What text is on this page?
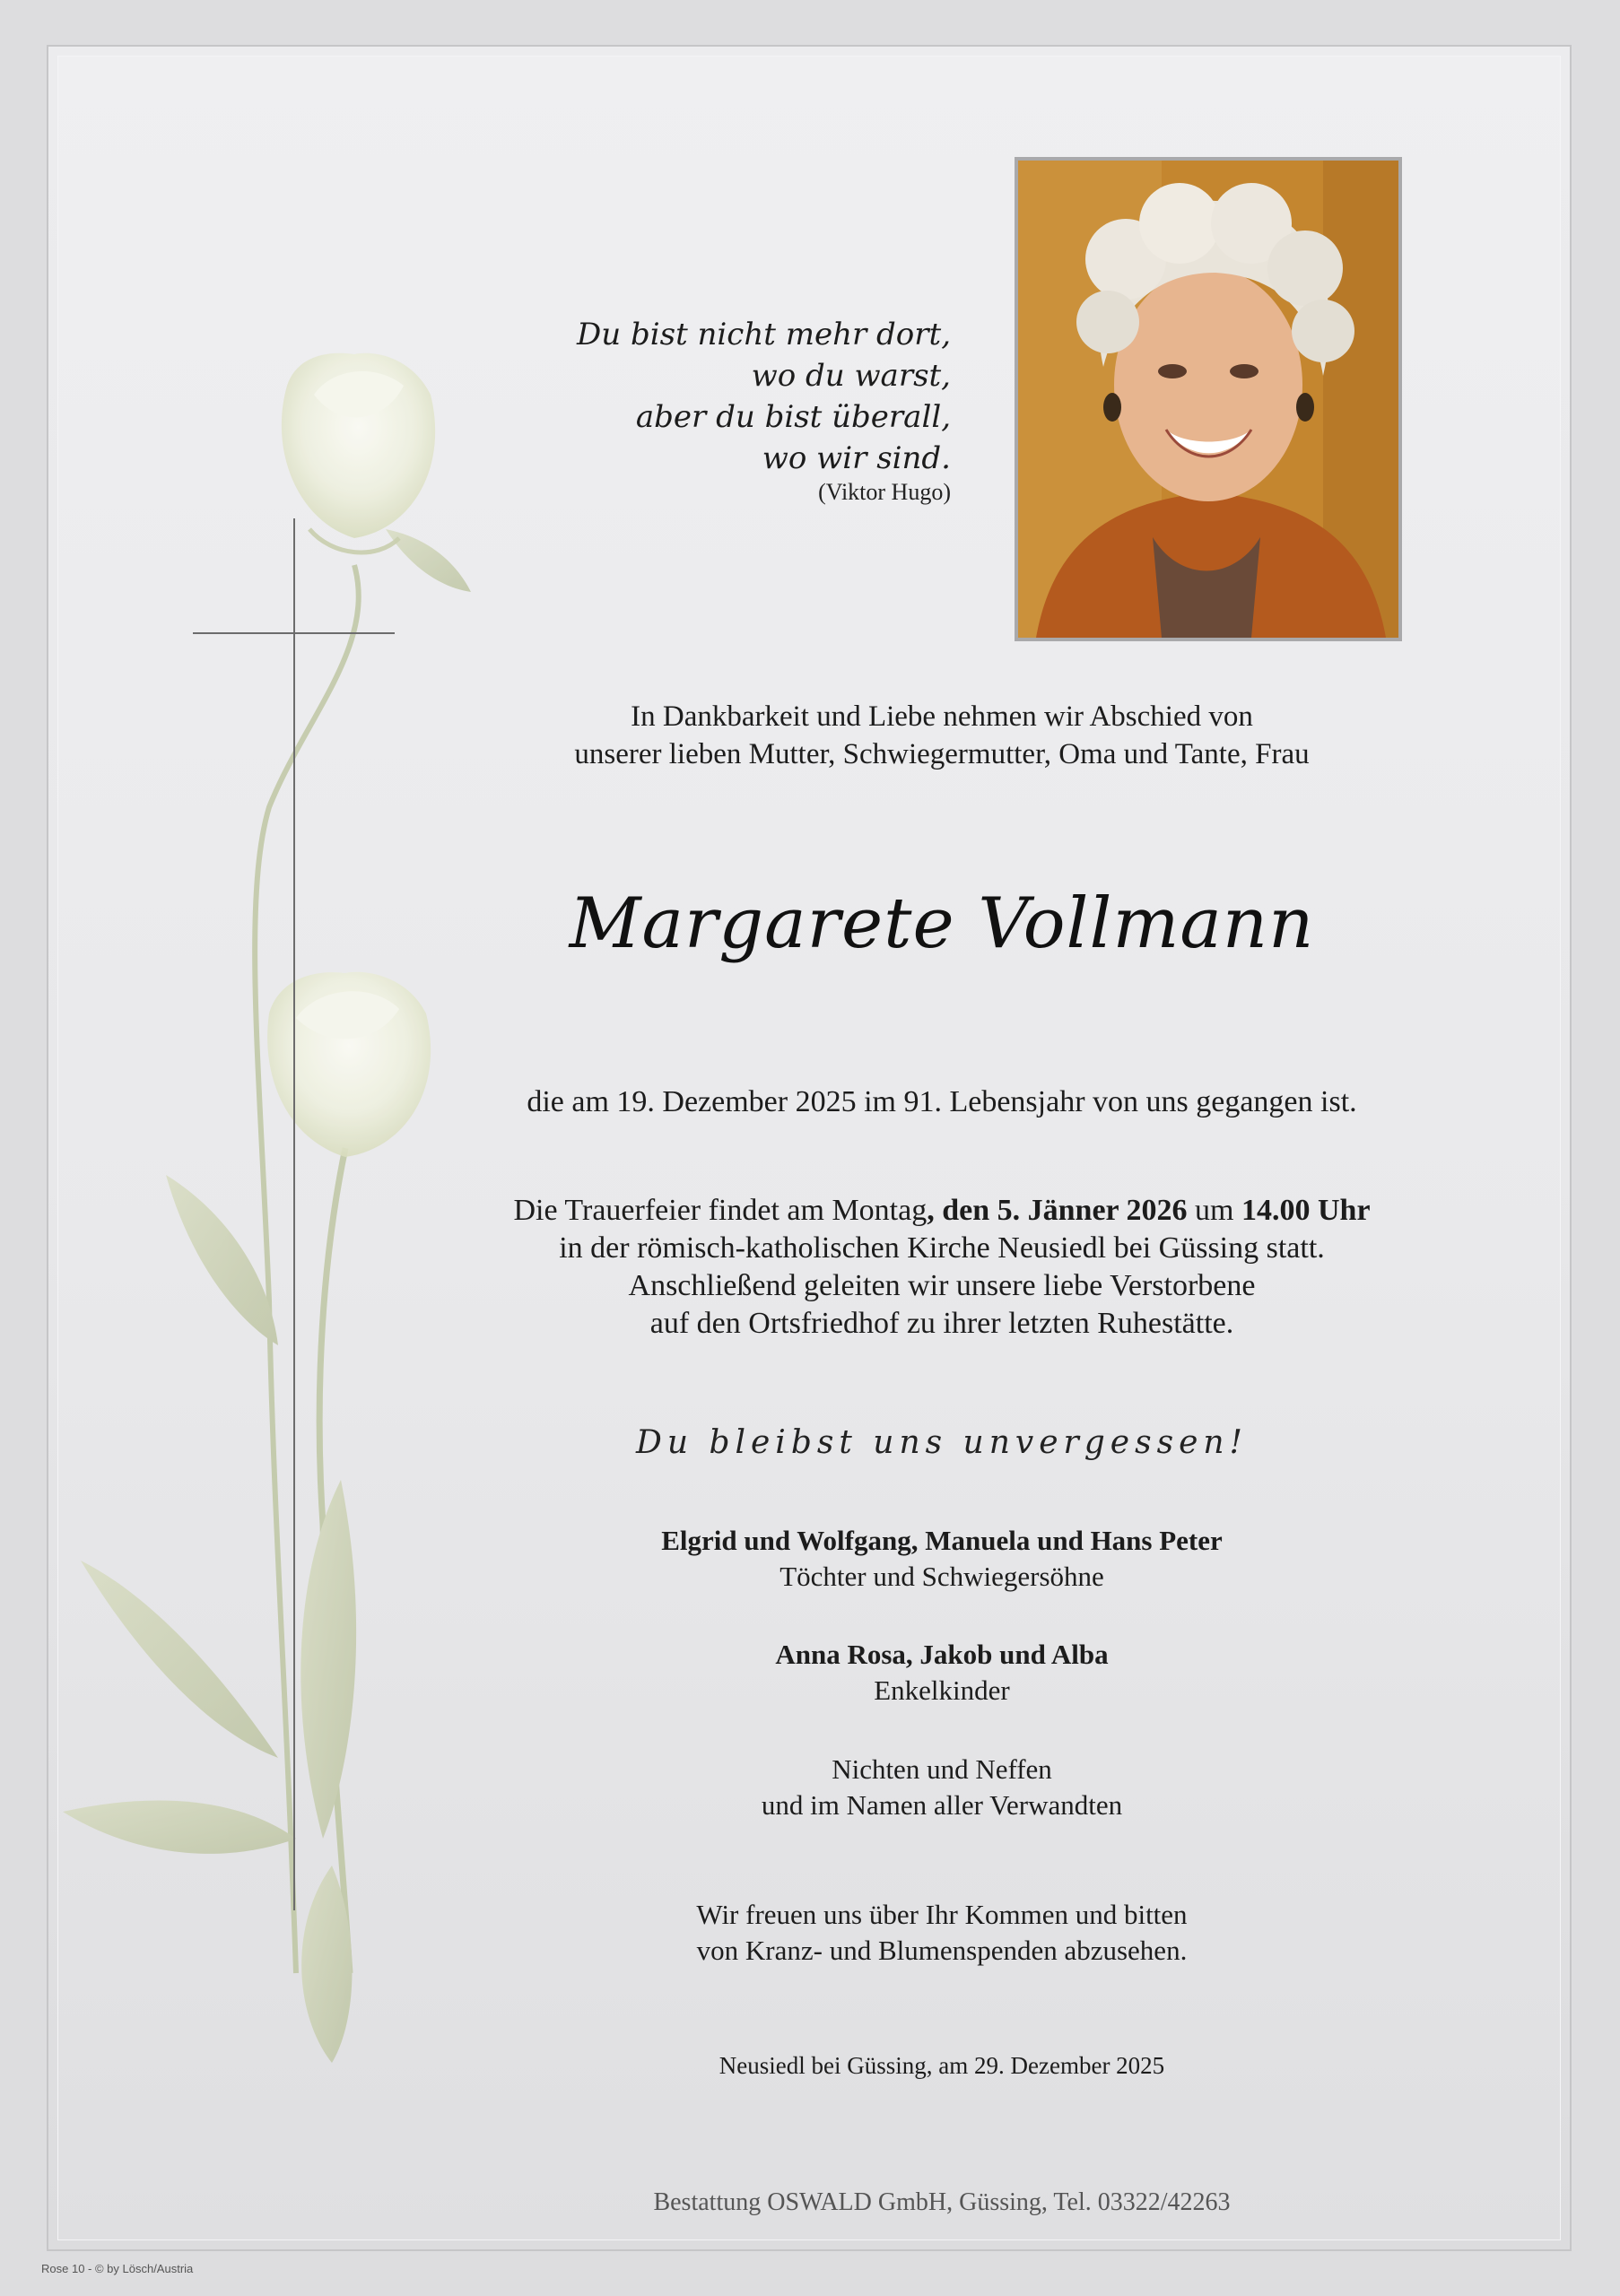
Du bist nicht mehr dort,
wo du warst,
aber du bist überall,
wo wir sind.
(Viktor Hugo)
In Dankbarkeit und Liebe nehmen wir Abschied von
unserer lieben Mutter, Schwiegermutter, Oma und Tante, Frau
Margarete Vollmann
die am 19. Dezember 2025 im 91. Lebensjahr von uns gegangen ist.
Die Trauerfeier findet am Montag, den 5. Jänner 2026 um 14.00 Uhr
in der römisch-katholischen Kirche Neusiedl bei Güssing statt.
Anschließend geleiten wir unsere liebe Verstorbene
auf den Ortsfriedhof zu ihrer letzten Ruhestätte.
Du bleibst uns unvergessen!
Elgrid und Wolfgang, Manuela und Hans Peter
Töchter und Schwiegersöhne
Anna Rosa, Jakob und Alba
Enkelkinder
Nichten und Neffen
und im Namen aller Verwandten
Wir freuen uns über Ihr Kommen und bitten
von Kranz- und Blumenspenden abzusehen.
Neusiedl bei Güssing, am 29. Dezember 2025
Bestattung OSWALD GmbH, Güssing, Tel. 03322/42263
Rose 10 - © by Lösch/Austria
